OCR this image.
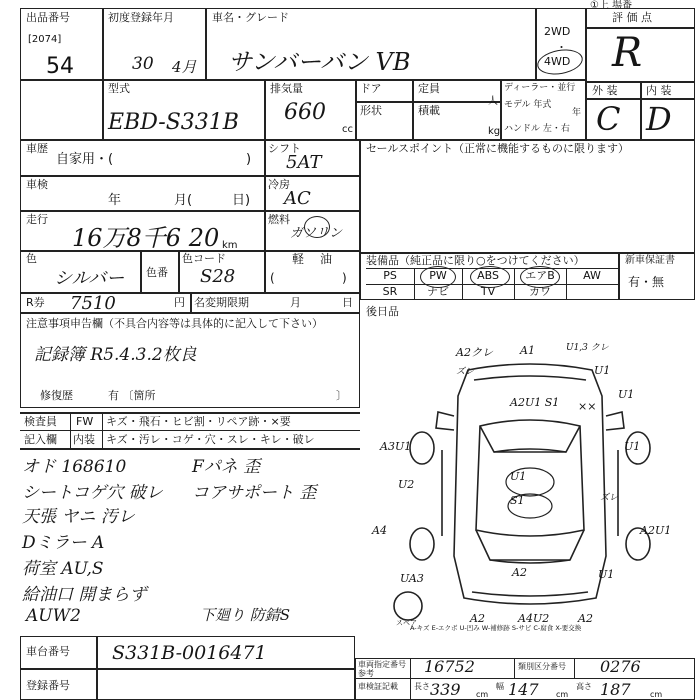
①上 場番
出品番号
[2074]
54
初度登録年月
30 4月
車名・グレード
サンバーバン VB
2WD
・
4WD
評 価 点
R
型式
EBD-S331B
排気量
660
cc
ドア	定員
人
形状	積載
kg
ディーラー・並行
モデル 年式
年
ハンドル 左・右
外 装	内 装
C D
車歴
自家用・(	)
車検
年	月(	日)
走行
16万8千6 20 km
色
シルバー 色番
色コード
S28
R券 7510	円 名変期限期	月	日
シフト
5AT
冷房
AC
燃料
ガソリン
軽 油
(	)
セールスポイント（正常に機能するものに限ります）
装備品（純正品に限り○をつけてください）	新車保証書
PS	PW	ABS	エアB	AW
SR	ナビ	TV	カワ
有・無
後日品
注意事項申告欄（不具合内容等は具体的に記入して下さい）
記録簿 R5.4.3.2枚良
修復歴	有 〔箇所	〕
検査員
記入欄
FW キズ・飛石・ヒビ割・リペア跡・×要
内装 キズ・汚レ・コゲ・穴・スレ・キレ・破レ
オド 168610
シートコゲ穴 破レ
天張 ヤニ 汚レ
Dミラー A
荷室 AU,S
給油口 開まらず
AUW2
Fパネ 歪
コアサポート 歪
下廻り 防錆S
A2クレ A1	U1,3 クレ
ズレ	U1
A2U1 S1 ××
U1
A3U1	U1
U1
S1	ズレ
U2
A4	A2U1
UA3	A2	U1
A2	A4U2	A2
スペア
A-キズ E-エクボ U-凹み W-補修跡 S-サビ C-腐食 X-要交換
車台番号 S331B-0016471
登録番号
車両指定番号
参考	16752	類別区分番号 0276
車検証記載 長さ 339 cm
幅 147 cm
高さ 187 cm
